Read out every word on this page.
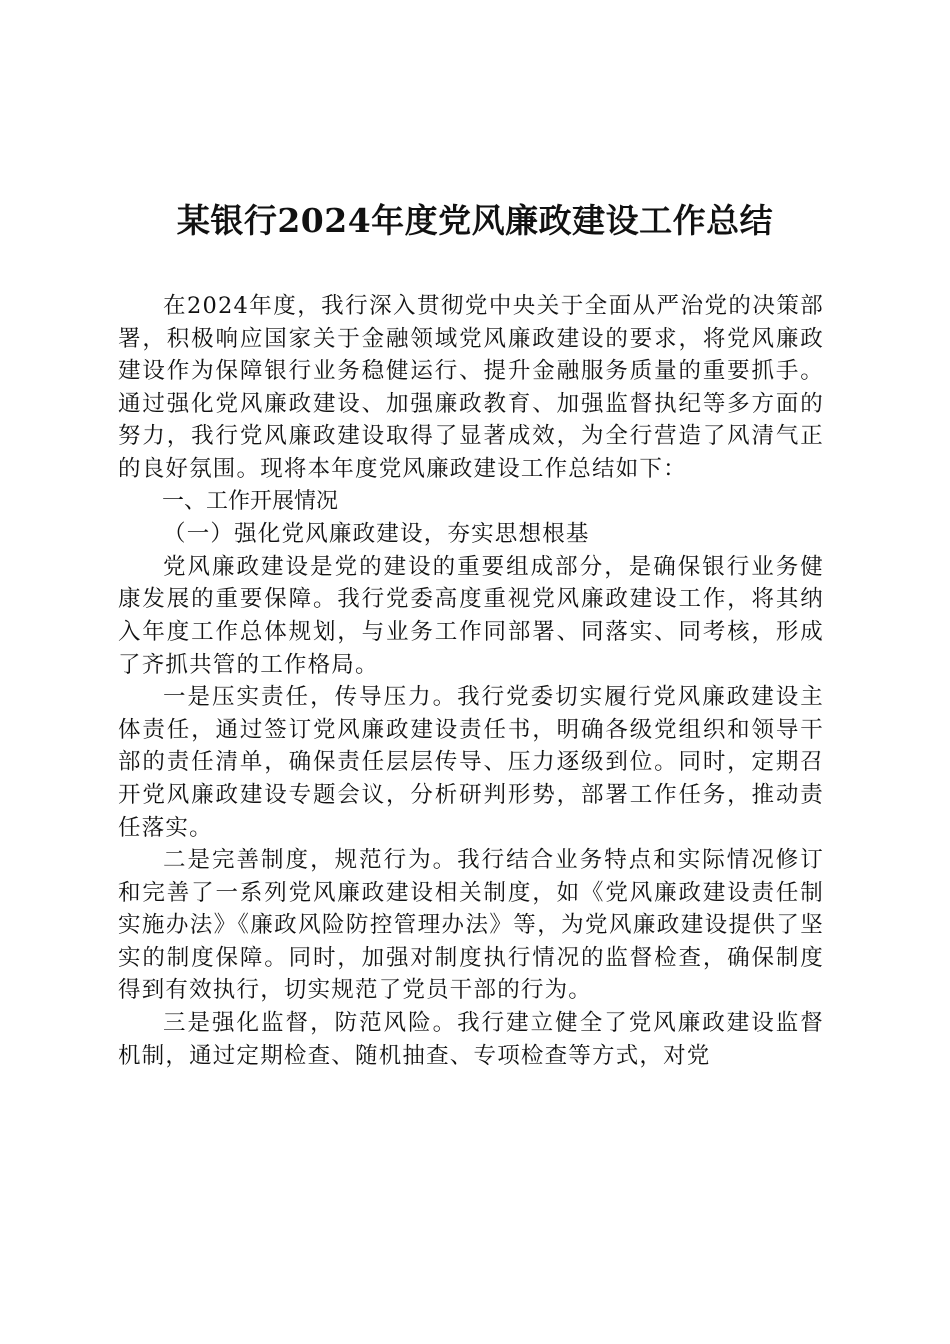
某银行2024年度党风廉政建设工作总结

在2024年度，我行深入贯彻党中央关于全面从严治党的决策部署，积极响应国家关于金融领域党风廉政建设的要求，将党风廉政建设作为保障银行业务稳健运行、提升金融服务质量的重要抓手。通过强化党风廉政建设、加强廉政教育、加强监督执纪等多方面的努力，我行党风廉政建设取得了显著成效，为全行营造了风清气正的良好氛围。现将本年度党风廉政建设工作总结如下：

一、工作开展情况

（一）强化党风廉政建设，夯实思想根基

党风廉政建设是党的建设的重要组成部分，是确保银行业务健康发展的重要保障。我行党委高度重视党风廉政建设工作，将其纳入年度工作总体规划，与业务工作同部署、同落实、同考核，形成了齐抓共管的工作格局。

一是压实责任，传导压力。我行党委切实履行党风廉政建设主体责任，通过签订党风廉政建设责任书，明确各级党组织和领导干部的责任清单，确保责任层层传导、压力逐级到位。同时，定期召开党风廉政建设专题会议，分析研判形势，部署工作任务，推动责任落实。

二是完善制度，规范行为。我行结合业务特点和实际情况修订和完善了一系列党风廉政建设相关制度，如《党风廉政建设责任制实施办法》《廉政风险防控管理办法》等，为党风廉政建设提供了坚实的制度保障。同时，加强对制度执行情况的监督检查，确保制度得到有效执行，切实规范了党员干部的行为。

三是强化监督，防范风险。我行建立健全了党风廉政建设监督机制，通过定期检查、随机抽查、专项检查等方式，对党
